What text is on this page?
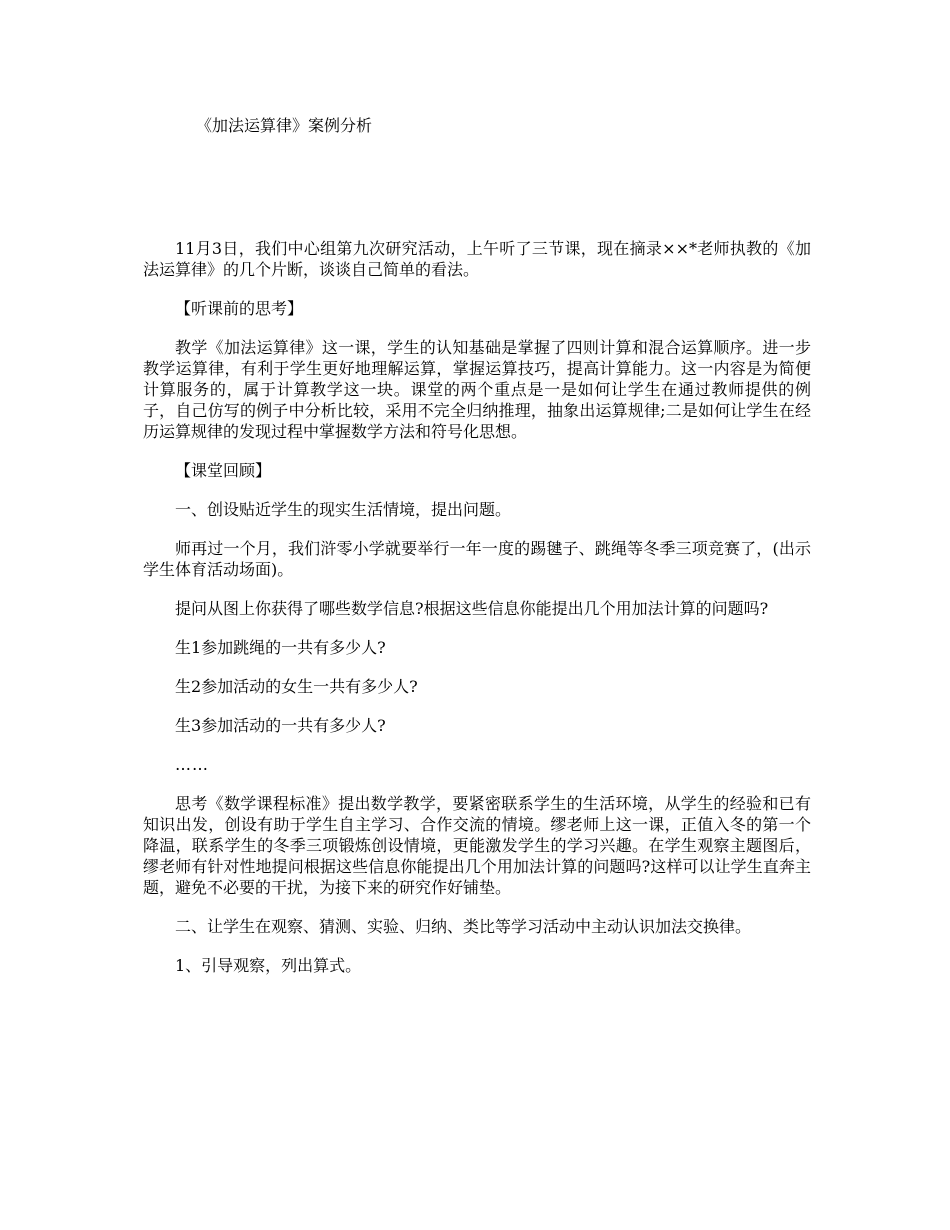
《加法运算律》案例分析

11月3日，我们中心组第九次研究活动，上午听了三节课，现在摘录××*老师执教的《加法运算律》的几个片断，谈谈自己简单的看法。

【听课前的思考】

教学《加法运算律》这一课，学生的认知基础是掌握了四则计算和混合运算顺序。进一步教学运算律，有利于学生更好地理解运算，掌握运算技巧，提高计算能力。这一内容是为简便计算服务的，属于计算教学这一块。课堂的两个重点是一是如何让学生在通过教师提供的例子，自己仿写的例子中分析比较，采用不完全归纳推理，抽象出运算规律;二是如何让学生在经历运算规律的发现过程中掌握数学方法和符号化思想。

【课堂回顾】

一、创设贴近学生的现实生活情境，提出问题。

师再过一个月，我们浒零小学就要举行一年一度的踢毽子、跳绳等冬季三项竞赛了，(出示学生体育活动场面)。

提问从图上你获得了哪些数学信息?根据这些信息你能提出几个用加法计算的问题吗?

生1参加跳绳的一共有多少人?

生2参加活动的女生一共有多少人?

生3参加活动的一共有多少人?

……

思考《数学课程标准》提出数学教学，要紧密联系学生的生活环境，从学生的经验和已有知识出发，创设有助于学生自主学习、合作交流的情境。缪老师上这一课，正值入冬的第一个降温，联系学生的冬季三项锻炼创设情境，更能激发学生的学习兴趣。在学生观察主题图后，缪老师有针对性地提问根据这些信息你能提出几个用加法计算的问题吗?这样可以让学生直奔主题，避免不必要的干扰，为接下来的研究作好铺垫。

二、让学生在观察、猜测、实验、归纳、类比等学习活动中主动认识加法交换律。

1、引导观察，列出算式。
